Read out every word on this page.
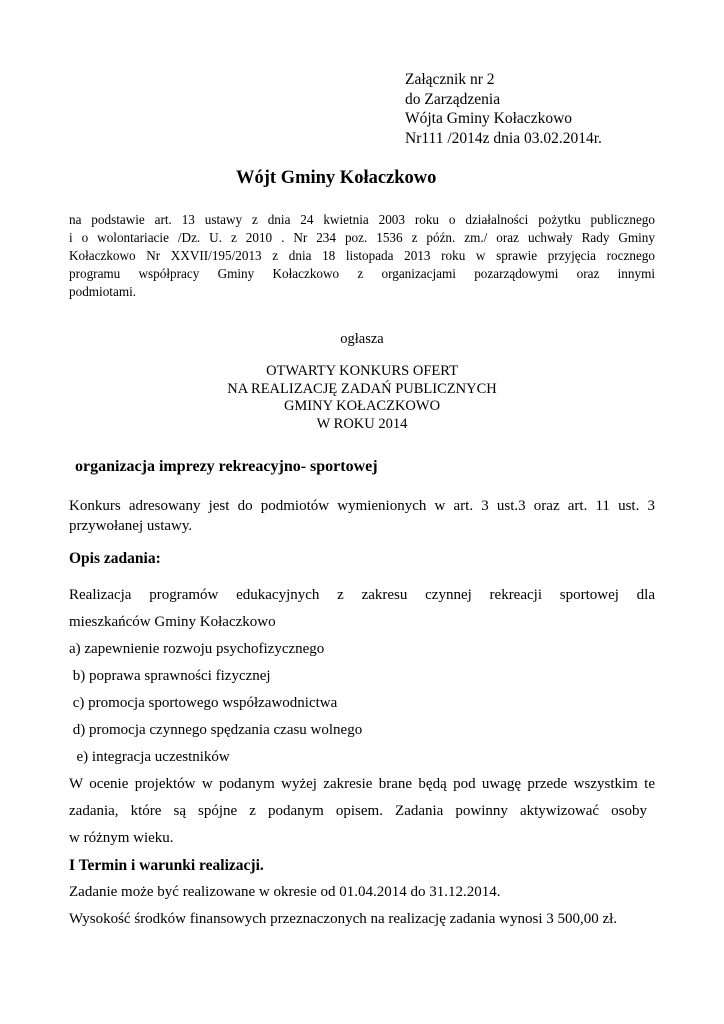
Załącznik nr 2
do Zarządzenia
Wójta Gminy Kołaczkowo
Nr111 /2014z dnia 03.02.2014r.
Wójt Gminy Kołaczkowo
na podstawie art. 13 ustawy z dnia 24 kwietnia 2003 roku o działalności pożytku publicznego
i o wolontariacie /Dz. U. z 2010 . Nr 234 poz. 1536 z późn. zm./ oraz uchwały Rady Gminy
Kołaczkowo Nr XXVII/195/2013 z dnia 18 listopada 2013 roku w sprawie przyjęcia rocznego
programu współpracy Gminy Kołaczkowo z organizacjami pozarządowymi oraz innymi
podmiotami.
ogłasza
OTWARTY KONKURS OFERT
NA REALIZACJĘ ZADAŃ PUBLICZNYCH
GMINY KOŁACZKOWO
W ROKU 2014
organizacja imprezy rekreacyjno- sportowej
Konkurs adresowany jest do podmiotów wymienionych w art. 3 ust.3 oraz art. 11 ust. 3
przywołanej ustawy.
Opis zadania:
Realizacja programów edukacyjnych z zakresu czynnej rekreacji sportowej dla
mieszkańców Gminy Kołaczkowo
a) zapewnienie rozwoju psychofizycznego
b) poprawa sprawności fizycznej
c) promocja sportowego współzawodnictwa
d) promocja czynnego spędzania czasu wolnego
e) integracja uczestników
W ocenie projektów w podanym wyżej zakresie brane będą pod uwagę przede wszystkim te
zadania, które są spójne z podanym opisem. Zadania powinny aktywizować osoby
w różnym wieku.
I Termin i warunki realizacji.
Zadanie może być realizowane w okresie od 01.04.2014 do 31.12.2014.
Wysokość środków finansowych przeznaczonych na realizację zadania wynosi 3 500,00 zł.
